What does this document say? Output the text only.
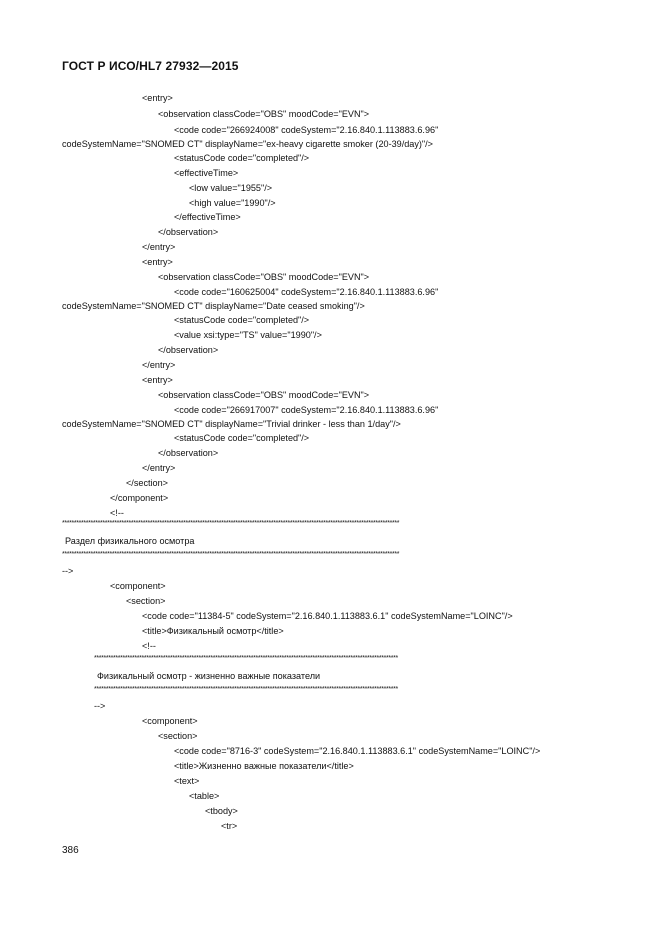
ГОСТ Р ИСО/HL7 27932—2015
<entry>
<observation classCode="OBS" moodCode="EVN">
<code code="266924008" codeSystem="2.16.840.1.113883.6.96"
codeSystemName="SNOMED CT" displayName="ex-heavy cigarette smoker (20-39/day)"/>
<statusCode code="completed"/>
<effectiveTime>
<low value="1955"/>
<high value="1990"/>
</effectiveTime>
</observation>
</entry>
<entry>
<observation classCode="OBS" moodCode="EVN">
<code code="160625004" codeSystem="2.16.840.1.113883.6.96"
codeSystemName="SNOMED CT" displayName="Date ceased smoking"/>
<statusCode code="completed"/>
<value xsi:type="TS" value="1990"/>
</observation>
</entry>
<entry>
<observation classCode="OBS" moodCode="EVN">
<code code="266917007" codeSystem="2.16.840.1.113883.6.96"
codeSystemName="SNOMED CT" displayName="Trivial drinker - less than 1/day"/>
<statusCode code="completed"/>
</observation>
</entry>
</section>
</component>
<!--
**********************************************************************************************************************************************
Раздел физикального осмотра
**********************************************************************************************************************************************
-->
<component>
<section>
<code code="11384-5" codeSystem="2.16.840.1.113883.6.1" codeSystemName="LOINC"/>
<title>Физикальный осмотр</title>
<!--
********************************************************************************************************************************
Физикальный осмотр - жизненно важные показатели
********************************************************************************************************************************
-->
<component>
<section>
<code code="8716-3" codeSystem="2.16.840.1.113883.6.1" codeSystemName="LOINC"/>
<title>Жизненно важные показатели</title>
<text>
<table>
<tbody>
<tr>
386
